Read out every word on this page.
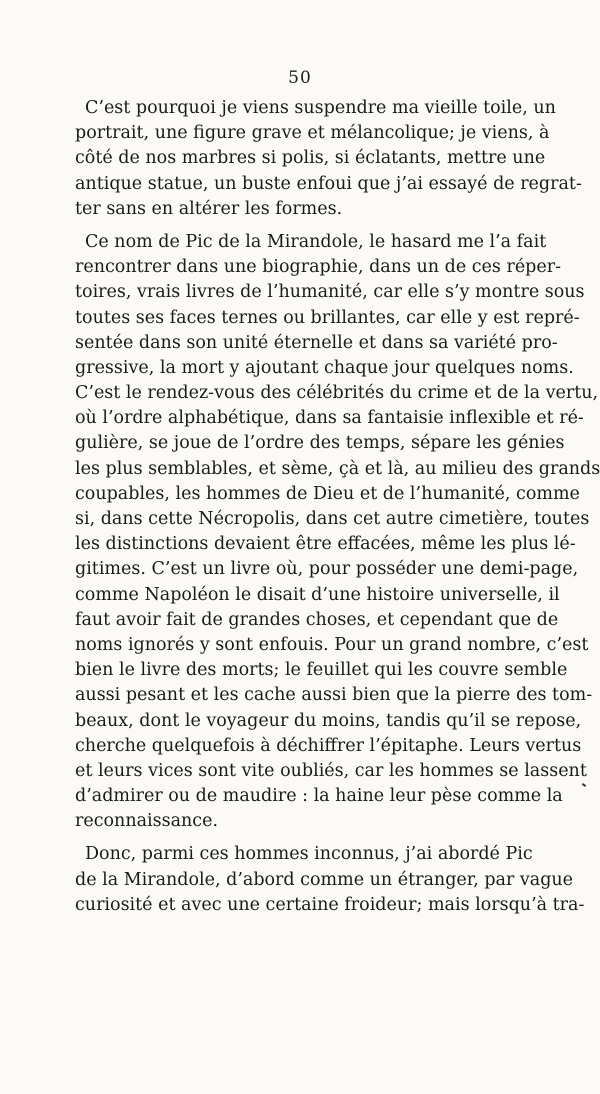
50
C’est pourquoi je viens suspendre ma vieille toile, un
portrait, une figure grave et mélancolique; je viens, à
côté de nos marbres si polis, si éclatants, mettre une
antique statue, un buste enfoui que j’ai essayé de regrat-
ter sans en altérer les formes.
Ce nom de Pic de la Mirandole, le hasard me l’a fait
rencontrer dans une biographie, dans un de ces réper-
toires, vrais livres de l’humanité, car elle s’y montre sous
toutes ses faces ternes ou brillantes, car elle y est repré-
sentée dans son unité éternelle et dans sa variété pro-
gressive, la mort y ajoutant chaque jour quelques noms.
C’est le rendez-vous des célébrités du crime et de la vertu,
où l’ordre alphabétique, dans sa fantaisie inflexible et ré-
gulière, se joue de l’ordre des temps, sépare les génies
les plus semblables, et sème, çà et là, au milieu des grands
coupables, les hommes de Dieu et de l’humanité, comme
si, dans cette Nécropolis, dans cet autre cimetière, toutes
les distinctions devaient être effacées, même les plus lé-
gitimes. C’est un livre où, pour posséder une demi-page,
comme Napoléon le disait d’une histoire universelle, il
faut avoir fait de grandes choses, et cependant que de
noms ignorés y sont enfouis. Pour un grand nombre, c’est
bien le livre des morts; le feuillet qui les couvre semble
aussi pesant et les cache aussi bien que la pierre des tom-
beaux, dont le voyageur du moins, tandis qu’il se repose,
cherche quelquefois à déchiffrer l’épitaphe. Leurs vertus
et leurs vices sont vite oubliés, car les hommes se lassent
d’admirer ou de maudire : la haine leur pèse comme la
reconnaissance.
Donc, parmi ces hommes inconnus, j’ai abordé Pic
de la Mirandole, d’abord comme un étranger, par vague
curiosité et avec une certaine froideur; mais lorsqu’à tra-
